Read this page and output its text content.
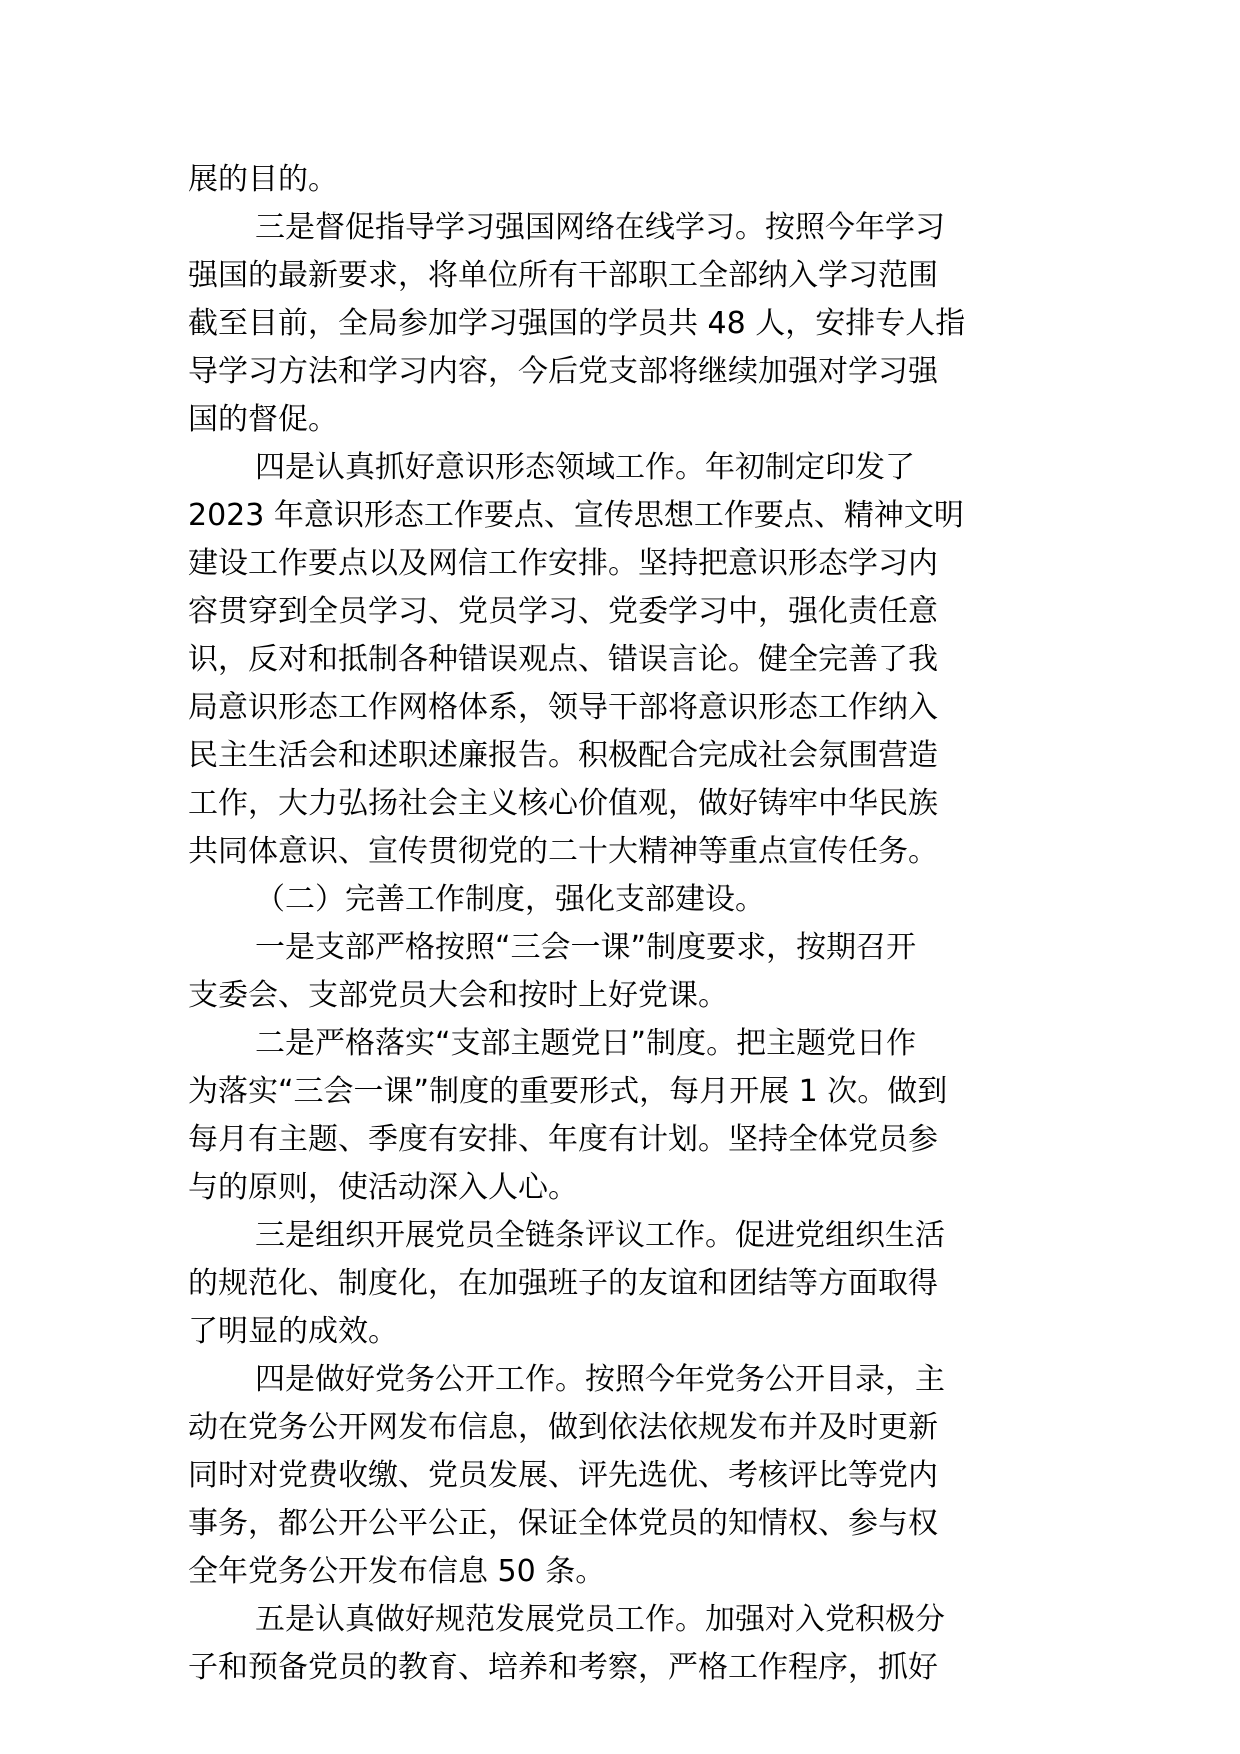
展的目的。
三是督促指导学习强国网络在线学习。按照今年学习
强国的最新要求，将单位所有干部职工全部纳入学习范围
截至目前，全局参加学习强国的学员共 48 人，安排专人指
导学习方法和学习内容，今后党支部将继续加强对学习强
国的督促。
四是认真抓好意识形态领域工作。年初制定印发了
2023 年意识形态工作要点、宣传思想工作要点、精神文明
建设工作要点以及网信工作安排。坚持把意识形态学习内
容贯穿到全员学习、党员学习、党委学习中，强化责任意
识，反对和抵制各种错误观点、错误言论。健全完善了我
局意识形态工作网格体系，领导干部将意识形态工作纳入
民主生活会和述职述廉报告。积极配合完成社会氛围营造
工作，大力弘扬社会主义核心价值观，做好铸牢中华民族
共同体意识、宣传贯彻党的二十大精神等重点宣传任务。
（二）完善工作制度，强化支部建设。
一是支部严格按照“三会一课”制度要求，按期召开
支委会、支部党员大会和按时上好党课。
二是严格落实“支部主题党日”制度。把主题党日作
为落实“三会一课”制度的重要形式，每月开展 1 次。做到
每月有主题、季度有安排、年度有计划。坚持全体党员参
与的原则，使活动深入人心。
三是组织开展党员全链条评议工作。促进党组织生活
的规范化、制度化，在加强班子的友谊和团结等方面取得
了明显的成效。
四是做好党务公开工作。按照今年党务公开目录，主
动在党务公开网发布信息，做到依法依规发布并及时更新
同时对党费收缴、党员发展、评先选优、考核评比等党内
事务，都公开公平公正，保证全体党员的知情权、参与权
全年党务公开发布信息 50 条。
五是认真做好规范发展党员工作。加强对入党积极分
子和预备党员的教育、培养和考察，严格工作程序，抓好
